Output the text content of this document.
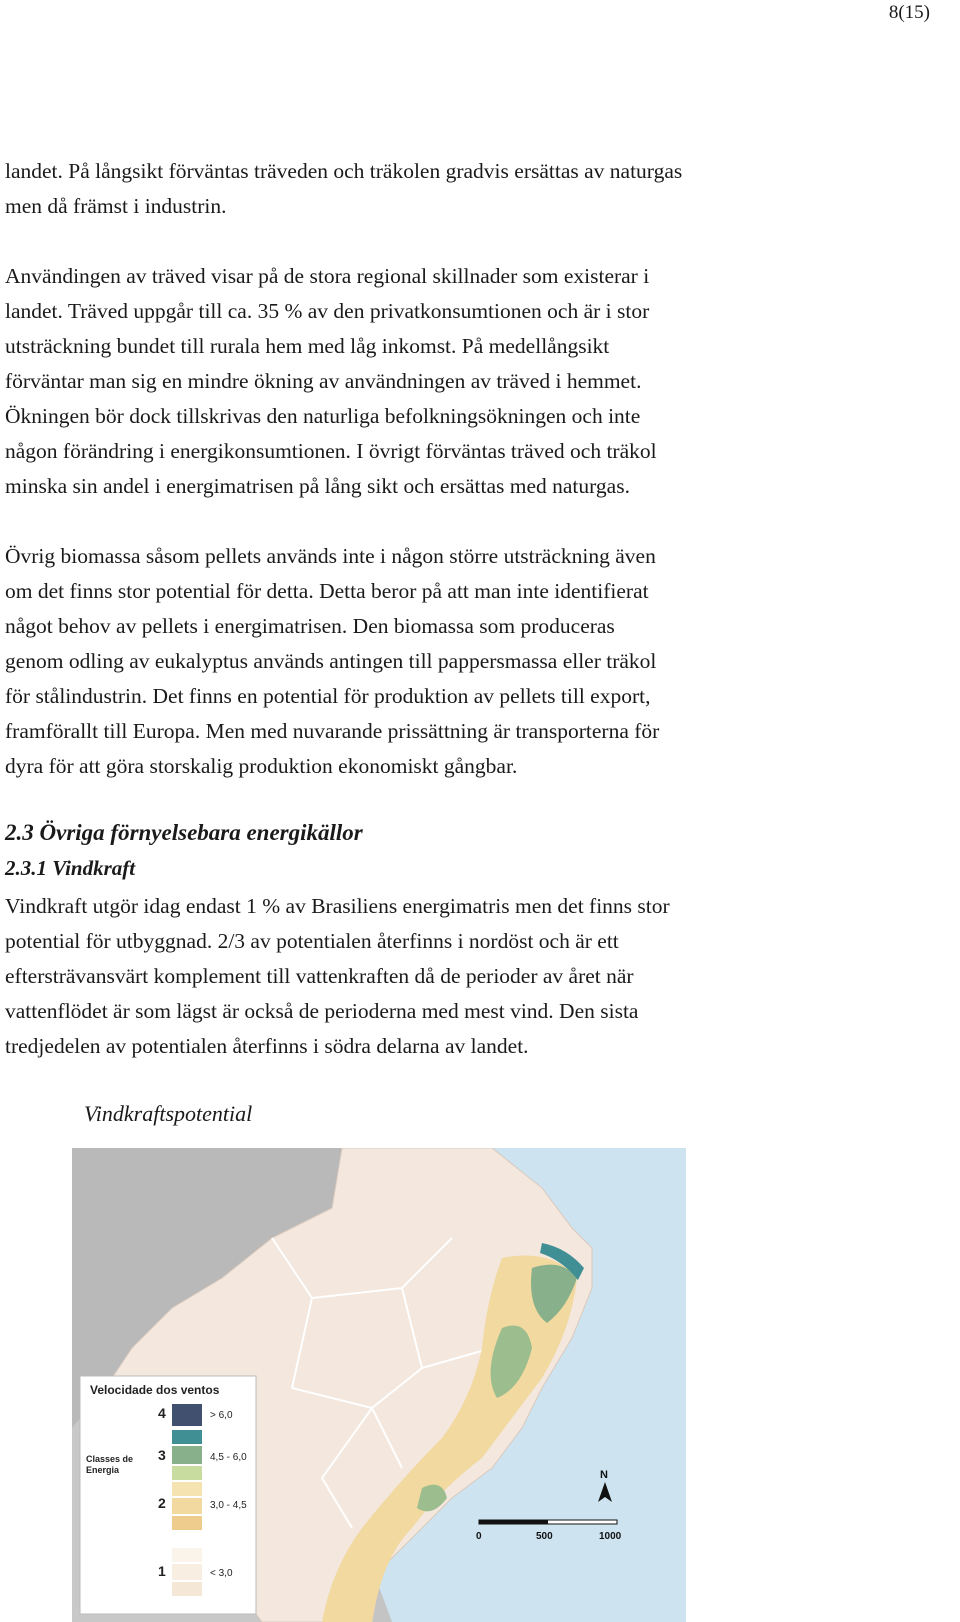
8(15)
landet. På långsikt förväntas träveden och träkolen gradvis ersättas av naturgas
men då främst i industrin.
Användingen av träved visar på de stora regional skillnader som existerar i
landet. Träved uppgår till ca. 35 % av den privatkonsumtionen och är i stor
utsträckning bundet till rurala hem med låg inkomst. På medellångsikt
förväntar man sig en mindre ökning av användningen av träved i hemmet.
Ökningen bör dock tillskrivas den naturliga befolkningsökningen och inte
någon förändring i energikonsumtionen. I övrigt förväntas träved och träkol
minska sin andel i energimatrisen på lång sikt och ersättas med naturgas.
Övrig biomassa såsom pellets används inte i någon större utsträckning även
om det finns stor potential för detta. Detta beror på att man inte identifierat
något behov av pellets i energimatrisen. Den biomassa som produceras
genom odling av eukalyptus används antingen till pappersmassa eller träkol
för stålindustrin. Det finns en potential för produktion av pellets till export,
framförallt till Europa. Men med nuvarande prissättning är transporterna för
dyra för att göra storskalig produktion ekonomiskt gångbar.
2.3 Övriga förnyelsebara energikällor
2.3.1 Vindkraft
Vindkraft utgör idag endast 1 % av Brasiliens energimatris men det finns stor
potential för utbyggnad. 2/3 av potentialen återfinns i nordöst och är ett
eftersträvansvärt komplement till vattenkraften då de perioder av året när
vattenflödet är som lägst är också de perioderna med mest vind. Den sista
tredjedelen av potentialen återfinns i södra delarna av landet.
Vindkraftspotential
Velocidade dos ventos
Classes de
Energia
4	> 6,0
3	4,5 - 6,0
2	3,0 - 4,5
1	< 3,0
N
0	500	1000
